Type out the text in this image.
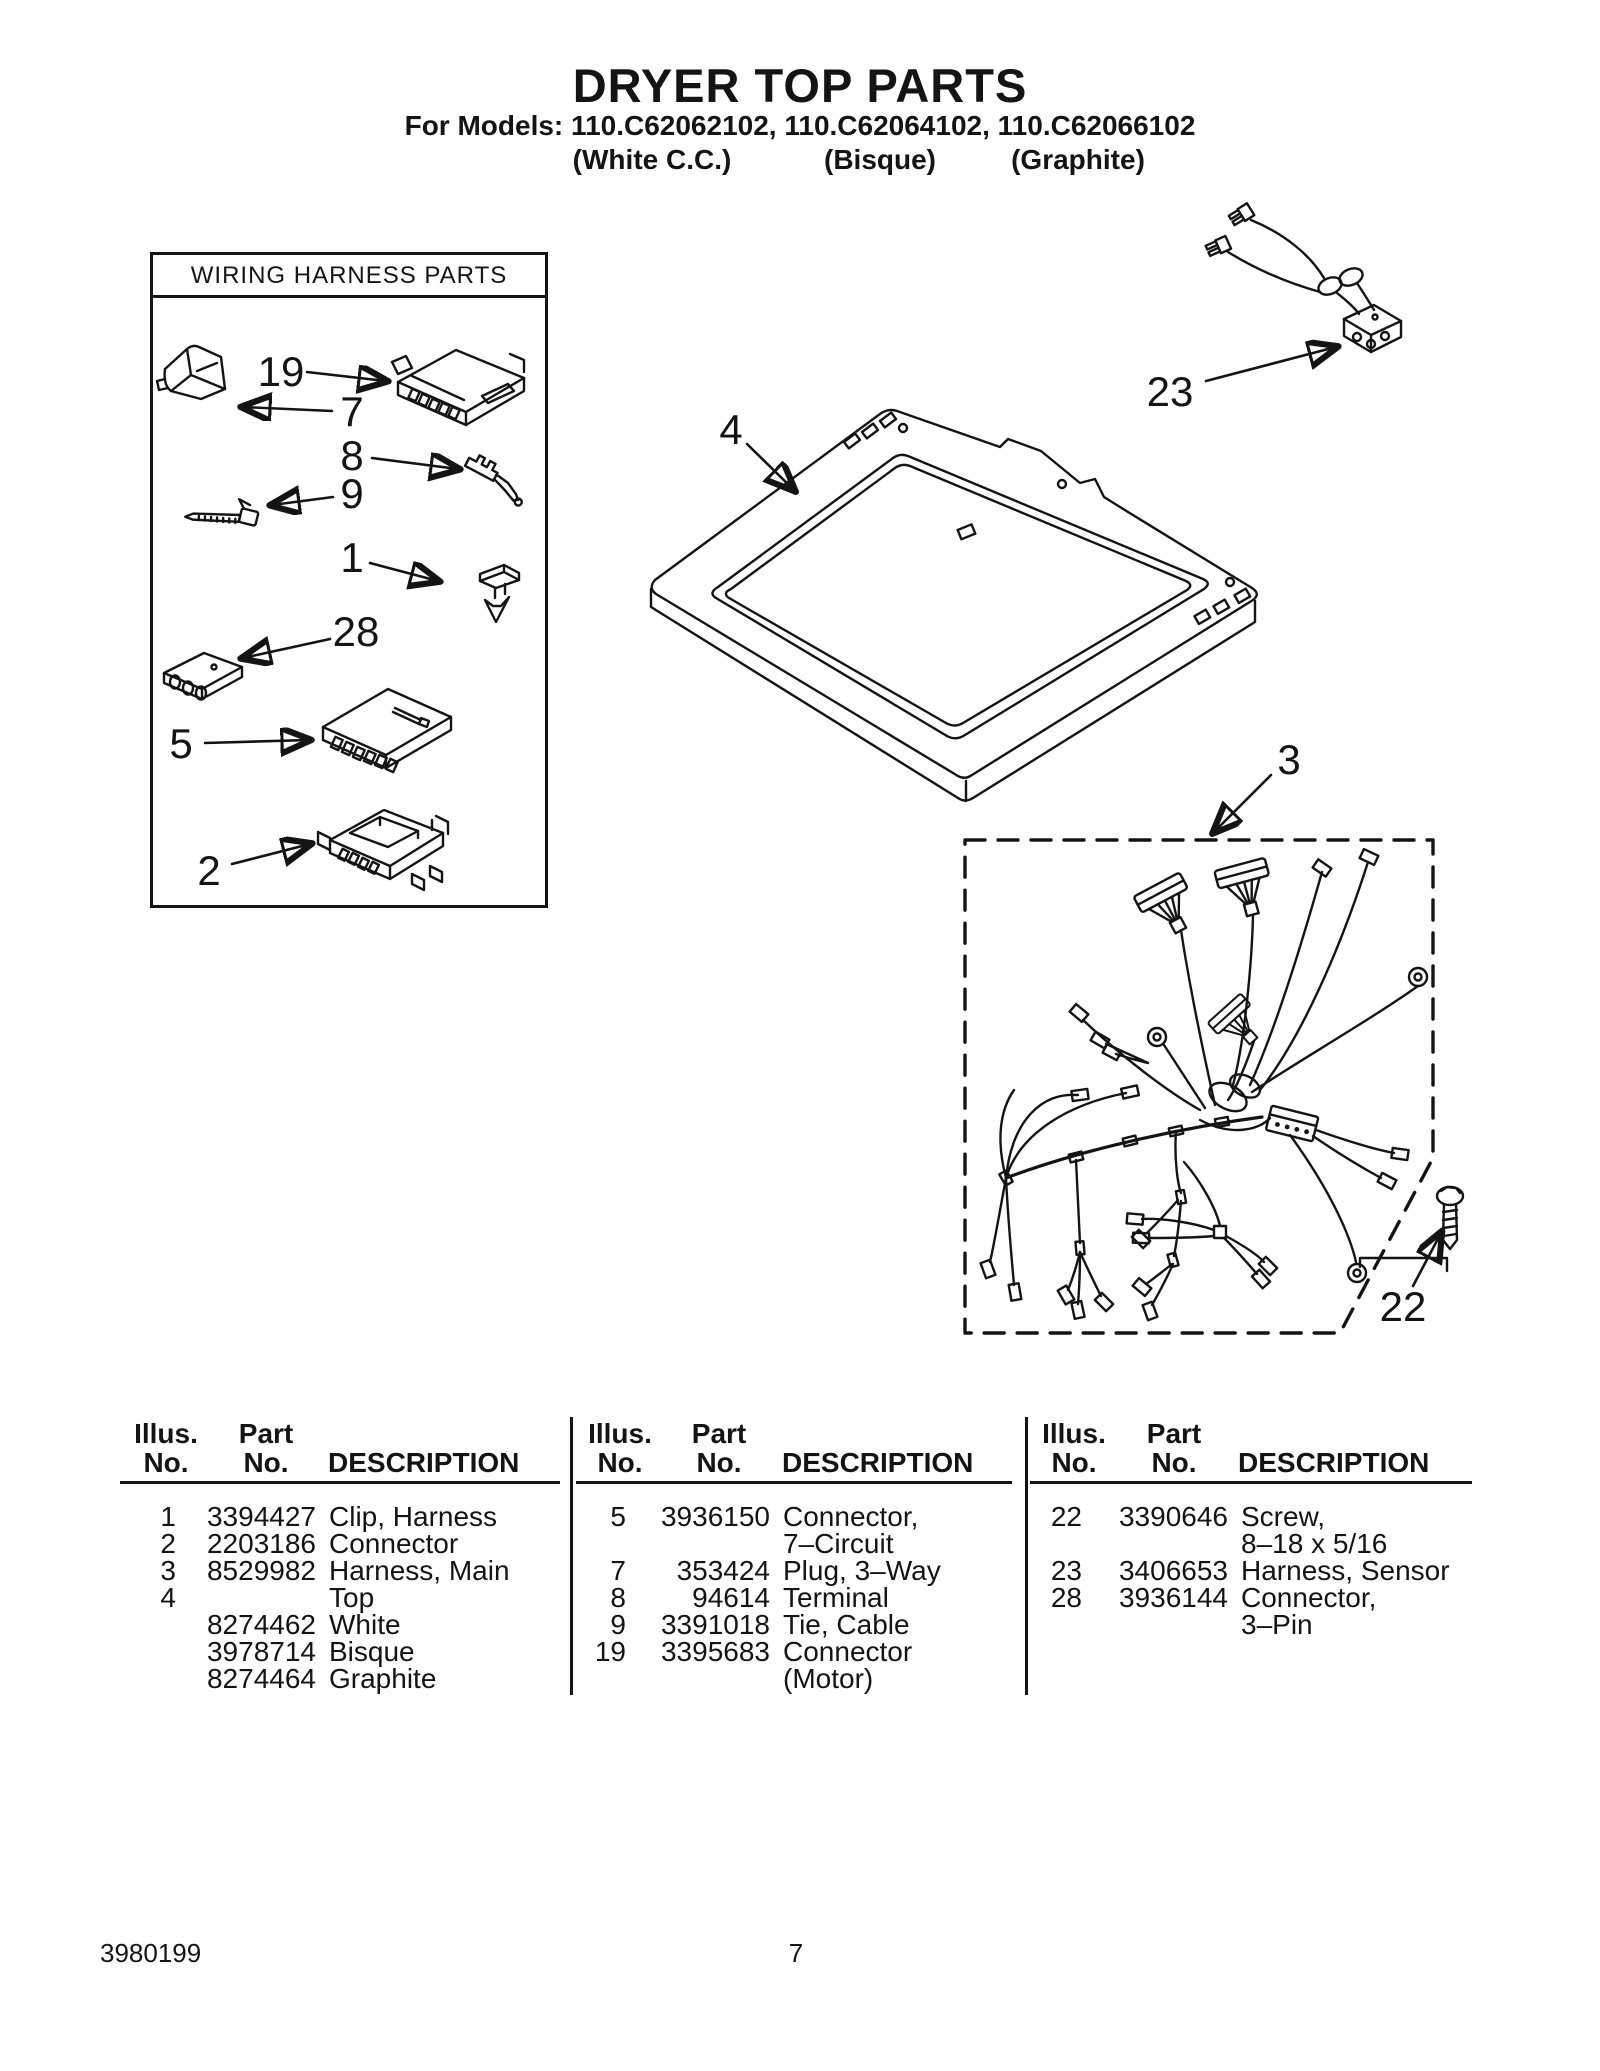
DRYER TOP PARTS
For Models: 110.C62062102, 110.C62064102, 110.C62066102
(White C.C.)	(Bisque)	(Graphite)
WIRING HARNESS PARTS
19
7
8
9
1
28
5
2
4
23
3
22
Illus.
No.
Part
No.	DESCRIPTION
1	3394427 Clip, Harness
2	2203186 Connector
3	8529982 Harness, Main
4	Top
8274462 White
3978714 Bisque
8274464 Graphite
Illus.
No.
Part
No.	DESCRIPTION
5	3936150 Connector,
7–Circuit
7	353424 Plug, 3–Way
8	94614 Terminal
9	3391018 Tie, Cable
19	3395683 Connector
(Motor)
Illus.
No.
Part
No.	DESCRIPTION
22	3390646 Screw,
8–18 x 5/16
23	3406653 Harness, Sensor
28	3936144 Connector,
3–Pin
3980199	7
